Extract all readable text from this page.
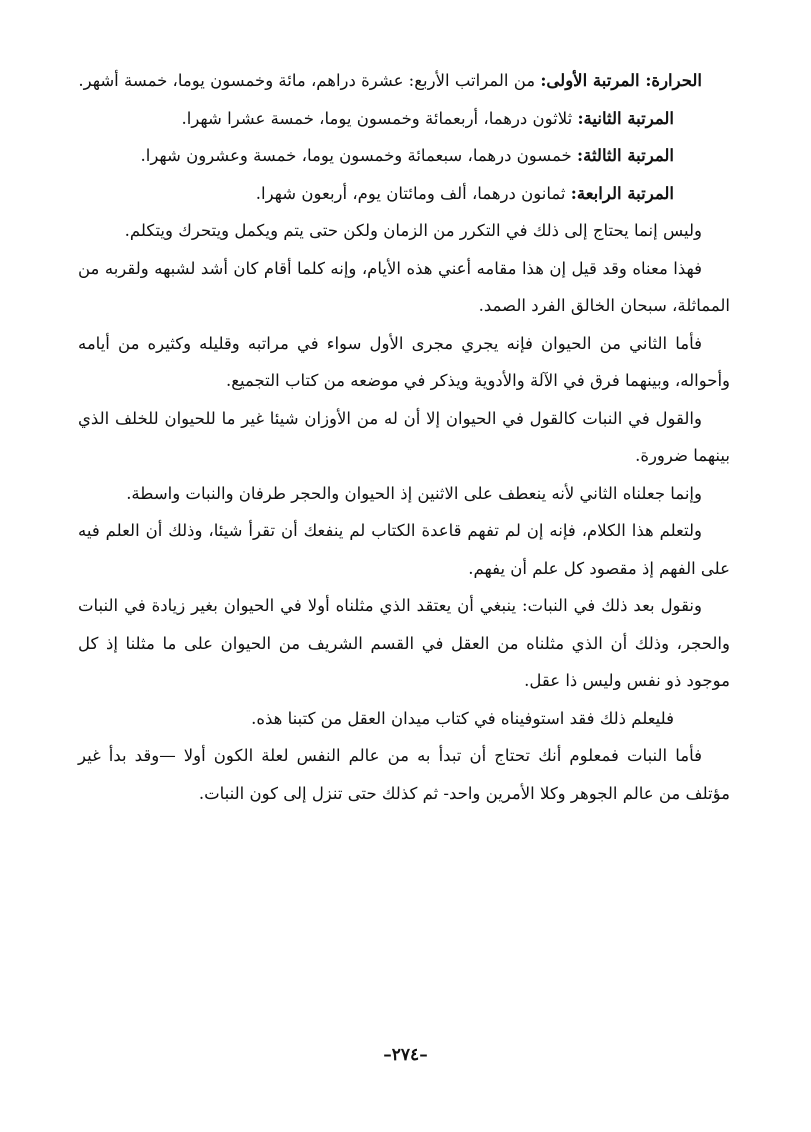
الحرارة: المرتبة الأولى: من المراتب الأربع: عشرة دراهم، مائة وخمسون يوما، خمسة أشهر.

المرتبة الثانية: ثلاثون درهما، أربعمائة وخمسون يوما، خمسة عشرا شهرا.

المرتبة الثالثة: خمسون درهما، سبعمائة وخمسون يوما، خمسة وعشرون شهرا.

المرتبة الرابعة: ثمانون درهما، ألف ومائتان يوم، أربعون شهرا.

وليس إنما يحتاج إلى ذلك في التكرر من الزمان ولكن حتى يتم ويكمل ويتحرك ويتكلم.

فهذا معناه وقد قيل إن هذا مقامه أعني هذه الأيام، وإنه كلما أقام كان أشد لشبهه ولقربه من المماثلة، سبحان الخالق الفرد الصمد.

فأما الثاني من الحيوان فإنه يجري مجرى الأول سواء في مراتبه وقليله وكثيره من أيامه وأحواله، وبينهما فرق في الآلة والأدوية ويذكر في موضعه من كتاب التجميع.

والقول في النبات كالقول في الحيوان إلا أن له من الأوزان شيئا غير ما للحيوان للخلف الذي بينهما ضرورة.

وإنما جعلناه الثاني لأنه ينعطف على الاثنين إذ الحيوان والحجر طرفان والنبات واسطة.

ولتعلم هذا الكلام، فإنه إن لم تفهم قاعدة الكتاب لم ينفعك أن تقرأ شيئا، وذلك أن العلم فيه على الفهم إذ مقصود كل علم أن يفهم.

ونقول بعد ذلك في النبات: ينبغي أن يعتقد الذي مثلناه أولا في الحيوان بغير زيادة في النبات والحجر، وذلك أن الذي مثلناه من العقل في القسم الشريف من الحيوان على ما مثلنا إذ كل موجود ذو نفس وليس ذا عقل.

فليعلم ذلك فقد استوفيناه في كتاب ميدان العقل من كتبنا هذه.

فأما النبات فمعلوم أنك تحتاج أن تبدأ به من عالم النفس لعلة الكون أولا —وقد بدأ غير مؤتلف من عالم الجوهر وكلا الأمرين واحد- ثم كذلك حتى تنزل إلى كون النبات.

–٢٧٤–
